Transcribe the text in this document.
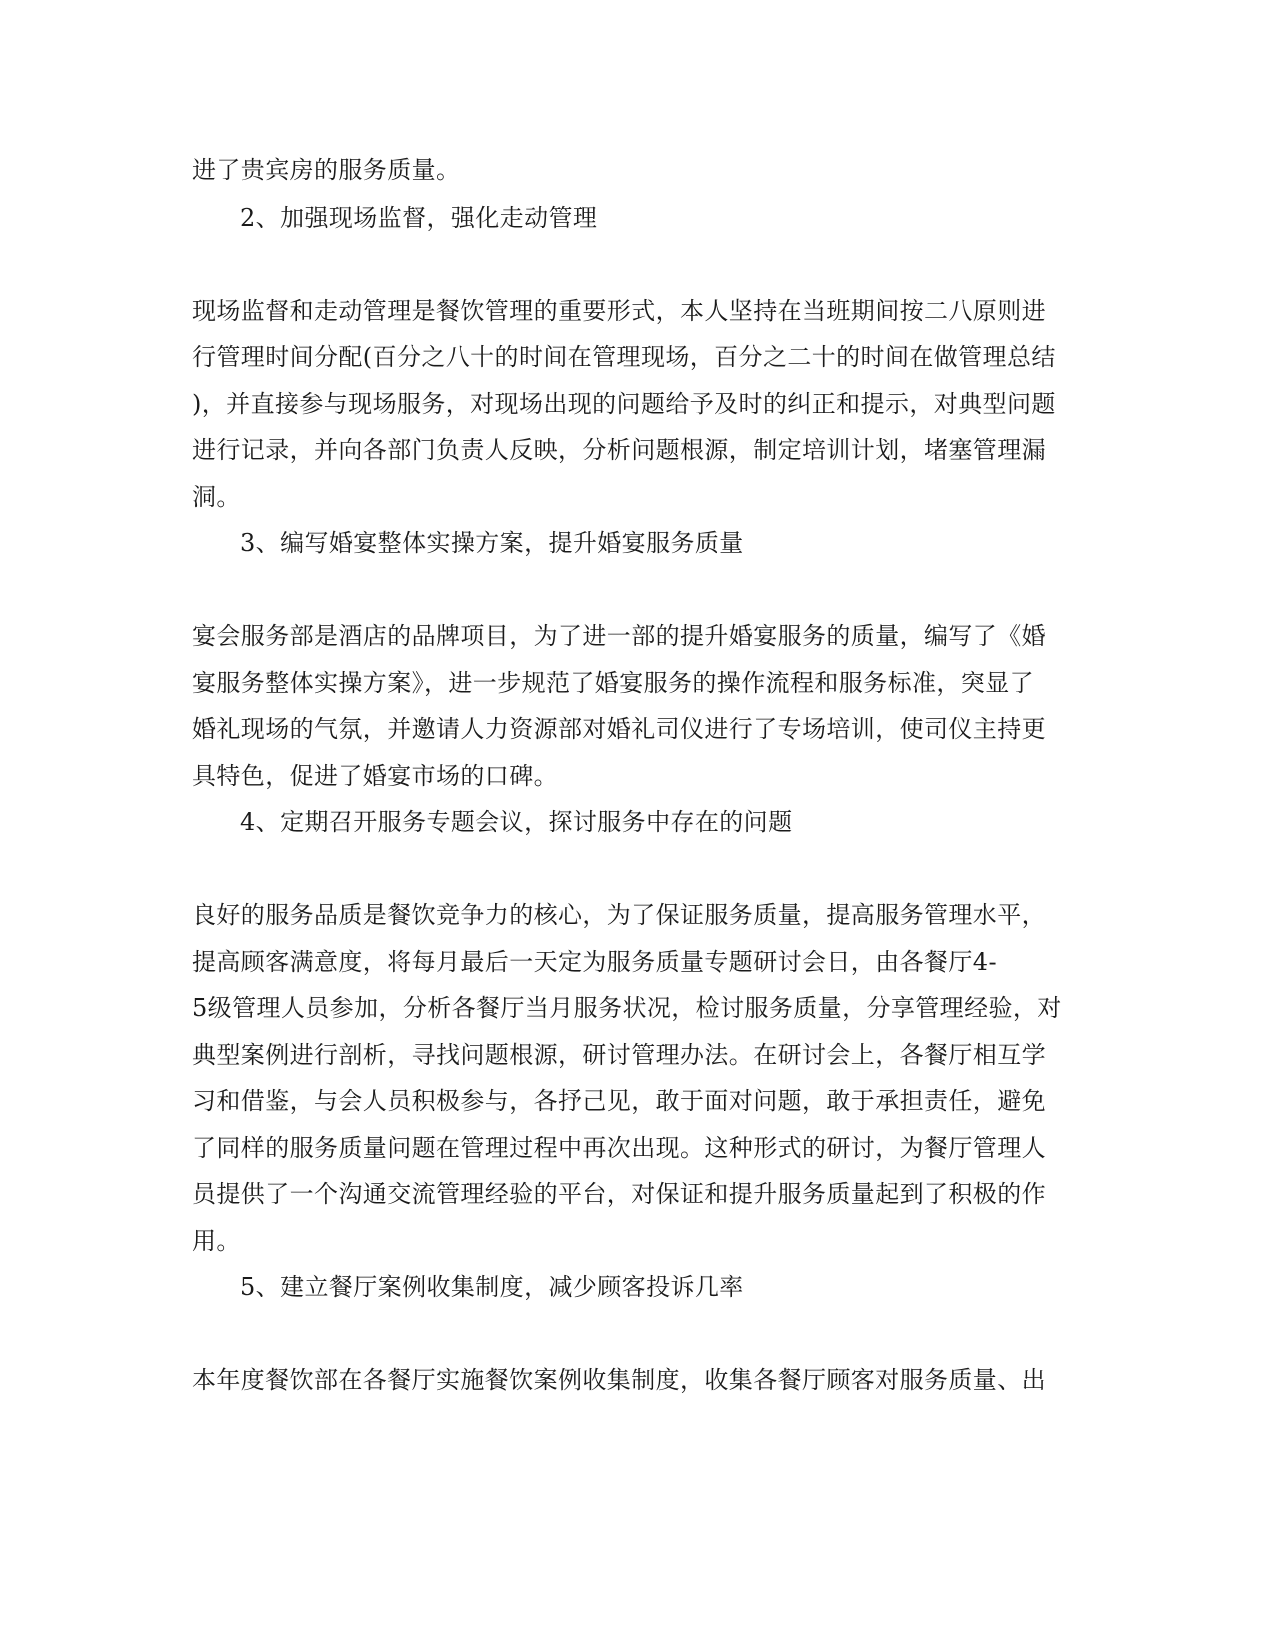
进了贵宾房的服务质量。
2、加强现场监督，强化走动管理
现场监督和走动管理是餐饮管理的重要形式，本人坚持在当班期间按二八原则进
行管理时间分配(百分之八十的时间在管理现场，百分之二十的时间在做管理总结
)，并直接参与现场服务，对现场出现的问题给予及时的纠正和提示，对典型问题
进行记录，并向各部门负责人反映，分析问题根源，制定培训计划，堵塞管理漏
洞。
3、编写婚宴整体实操方案，提升婚宴服务质量
宴会服务部是酒店的品牌项目，为了进一部的提升婚宴服务的质量，编写了《婚
宴服务整体实操方案》，进一步规范了婚宴服务的操作流程和服务标准，突显了
婚礼现场的气氛，并邀请人力资源部对婚礼司仪进行了专场培训，使司仪主持更
具特色，促进了婚宴市场的口碑。
4、定期召开服务专题会议，探讨服务中存在的问题
良好的服务品质是餐饮竞争力的核心，为了保证服务质量，提高服务管理水平，
提高顾客满意度，将每月最后一天定为服务质量专题研讨会日，由各餐厅4-
5级管理人员参加，分析各餐厅当月服务状况，检讨服务质量，分享管理经验，对
典型案例进行剖析，寻找问题根源，研讨管理办法。在研讨会上，各餐厅相互学
习和借鉴，与会人员积极参与，各抒己见，敢于面对问题，敢于承担责任，避免
了同样的服务质量问题在管理过程中再次出现。这种形式的研讨，为餐厅管理人
员提供了一个沟通交流管理经验的平台，对保证和提升服务质量起到了积极的作
用。
5、建立餐厅案例收集制度，减少顾客投诉几率
本年度餐饮部在各餐厅实施餐饮案例收集制度，收集各餐厅顾客对服务质量、出
